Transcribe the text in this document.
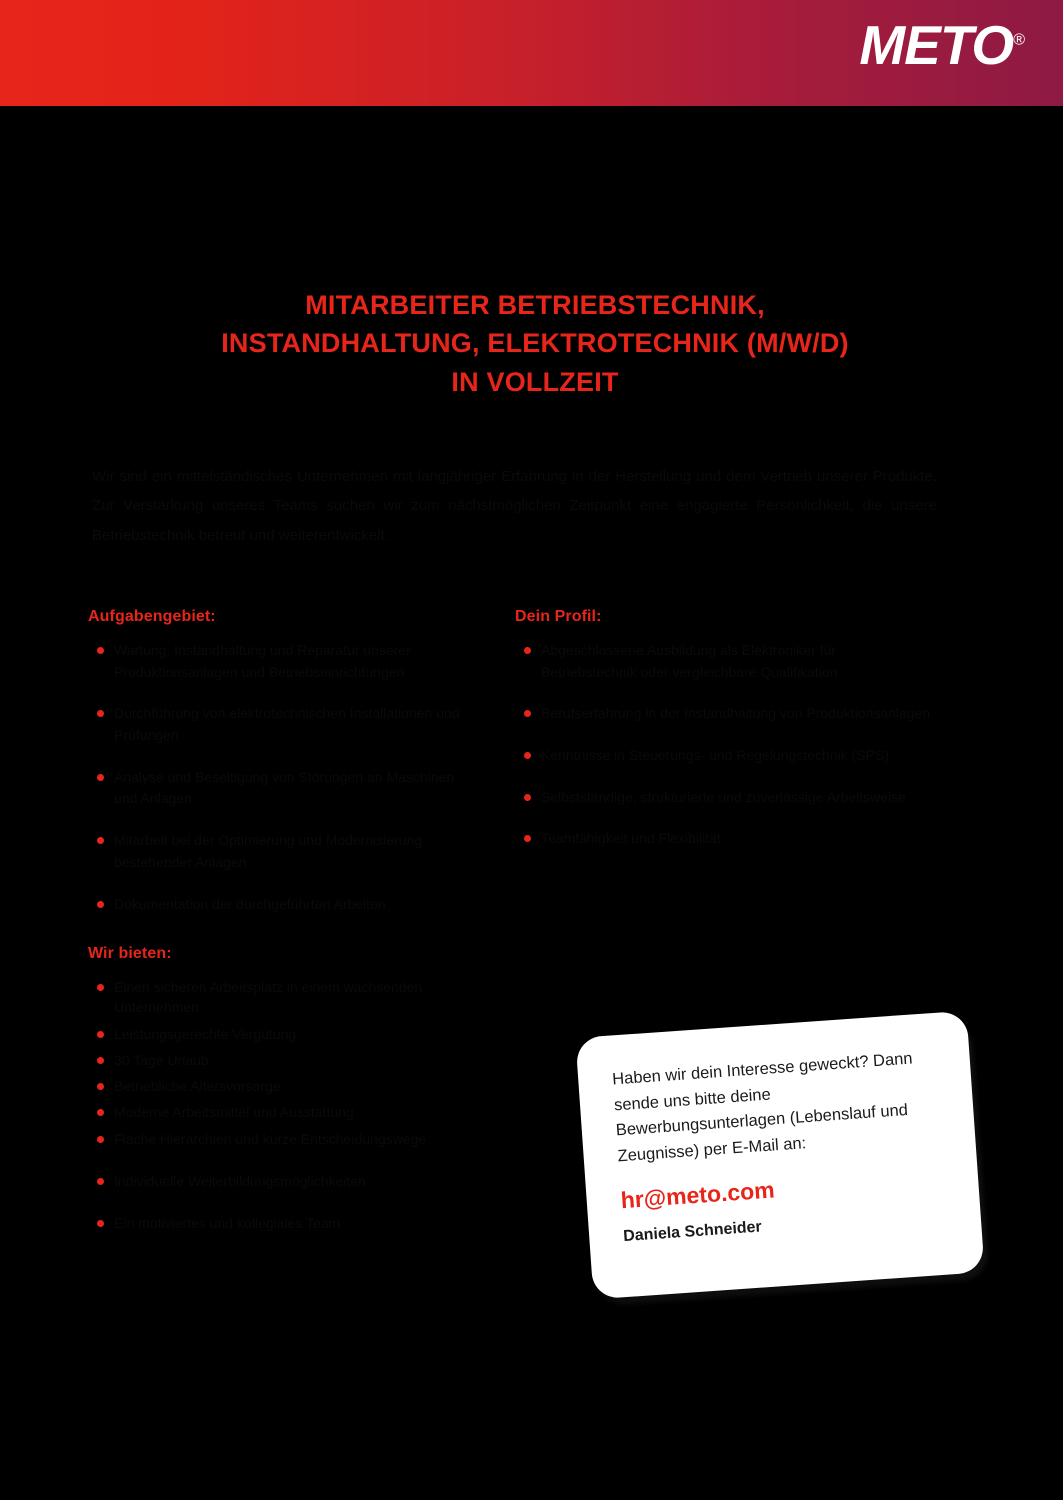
METO®
MITARBEITER BETRIEBSTECHNIK,
INSTANDHALTUNG, ELEKTROTECHNIK (M/W/D)
IN VOLLZEIT
Wir sind ein mittelständisches Unternehmen mit langjähriger Erfahrung in der Herstellung und dem Vertrieb unserer Produkte. Zur Verstärkung unseres Teams suchen wir zum nächstmöglichen Zeitpunkt eine engagierte Persönlichkeit, die unsere Betriebstechnik betreut und weiterentwickelt.
Aufgabengebiet:
Wartung, Instandhaltung und Reparatur unserer Produktionsanlagen und Betriebseinrichtungen
Durchführung von elektrotechnischen Installationen und Prüfungen
Analyse und Beseitigung von Störungen an Maschinen und Anlagen
Mitarbeit bei der Optimierung und Modernisierung bestehender Anlagen
Dokumentation der durchgeführten Arbeiten
Dein Profil:
Abgeschlossene Ausbildung als Elektroniker für Betriebstechnik oder vergleichbare Qualifikation
Berufserfahrung in der Instandhaltung von Produktionsanlagen
Kenntnisse in Steuerungs- und Regelungstechnik (SPS)
Selbstständige, strukturierte und zuverlässige Arbeitsweise
Teamfähigkeit und Flexibilität
Wir bieten:
Einen sicheren Arbeitsplatz in einem wachsenden Unternehmen
Leistungsgerechte Vergütung
30 Tage Urlaub
Betriebliche Altersvorsorge
Moderne Arbeitsmittel und Ausstattung
Flache Hierarchien und kurze Entscheidungswege
Individuelle Weiterbildungsmöglichkeiten
Ein motiviertes und kollegiales Team
Haben wir dein Interesse geweckt? Dann sende uns bitte deine Bewerbungsunterlagen (Lebenslauf und Zeugnisse) per E-Mail an:
hr@meto.com
Daniela Schneider
